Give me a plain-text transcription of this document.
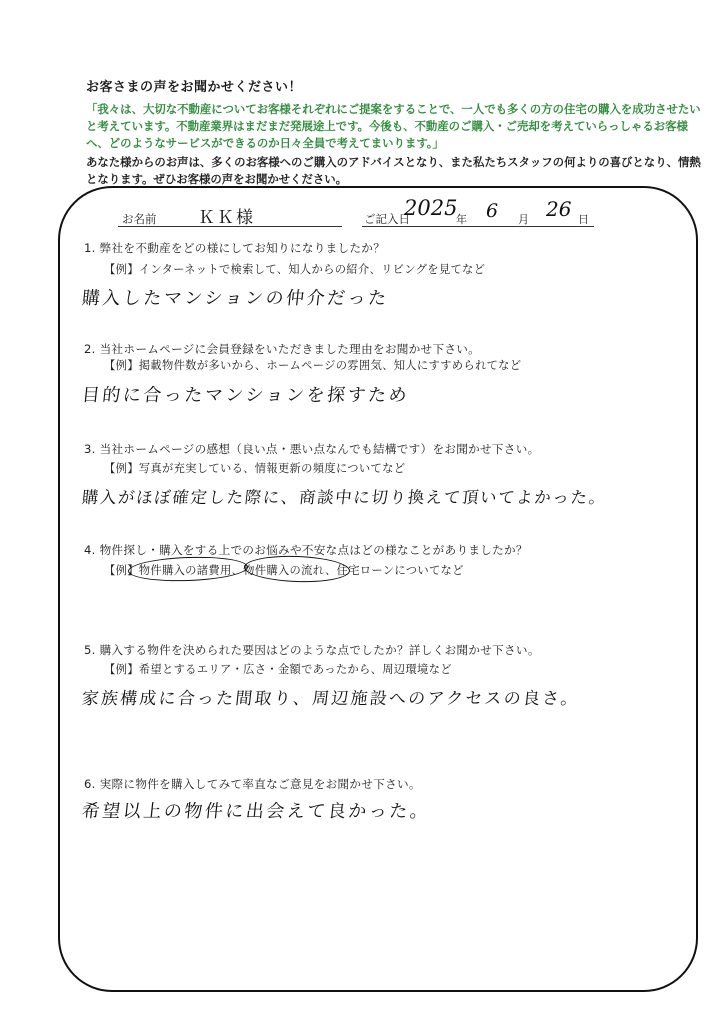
お客さまの声をお聞かせください！
「我々は、大切な不動産についてお客様それぞれにご提案をすることで、一人でも多くの方の住宅の購入を成功させたいと考えています。不動産業界はまだまだ発展途上です。今後も、不動産のご購入・ご売却を考えていらっしゃるお客様へ、どのようなサービスができるのか日々全員で考えてまいります。」
あなた様からのお声は、多くのお客様へのご購入のアドバイスとなり、また私たちスタッフの何よりの喜びとなり、情熱となります。ぜひお客様の声をお聞かせください。
お名前 ＫＫ様	ご記入日
2025
年 6 月 26 日
1. 弊社を不動産をどの様にしてお知りになりましたか？
【例】インターネットで検索して、知人からの紹介、リビングを見てなど
購入したマンションの仲介だった
2. 当社ホームページに会員登録をいただきました理由をお聞かせ下さい。
【例】掲載物件数が多いから、ホームページの雰囲気、知人にすすめられてなど
目的に合ったマンションを探すため
3. 当社ホームページの感想（良い点・悪い点なんでも結構です）をお聞かせ下さい。
【例】写真が充実している、情報更新の頻度についてなど
購入がほぼ確定した際に、商談中に切り換えて頂いてよかった。
4. 物件探し・購入をする上でのお悩みや不安な点はどの様なことがありましたか？
【例】物件購入の諸費用、物件購入の流れ、住宅ローンについてなど
5. 購入する物件を決められた要因はどのような点でしたか？詳しくお聞かせ下さい。
【例】希望とするエリア・広さ・金額であったから、周辺環境など
家族構成に合った間取り、周辺施設へのアクセスの良さ。
6. 実際に物件を購入してみて率直なご意見をお聞かせ下さい。
希望以上の物件に出会えて良かった。
